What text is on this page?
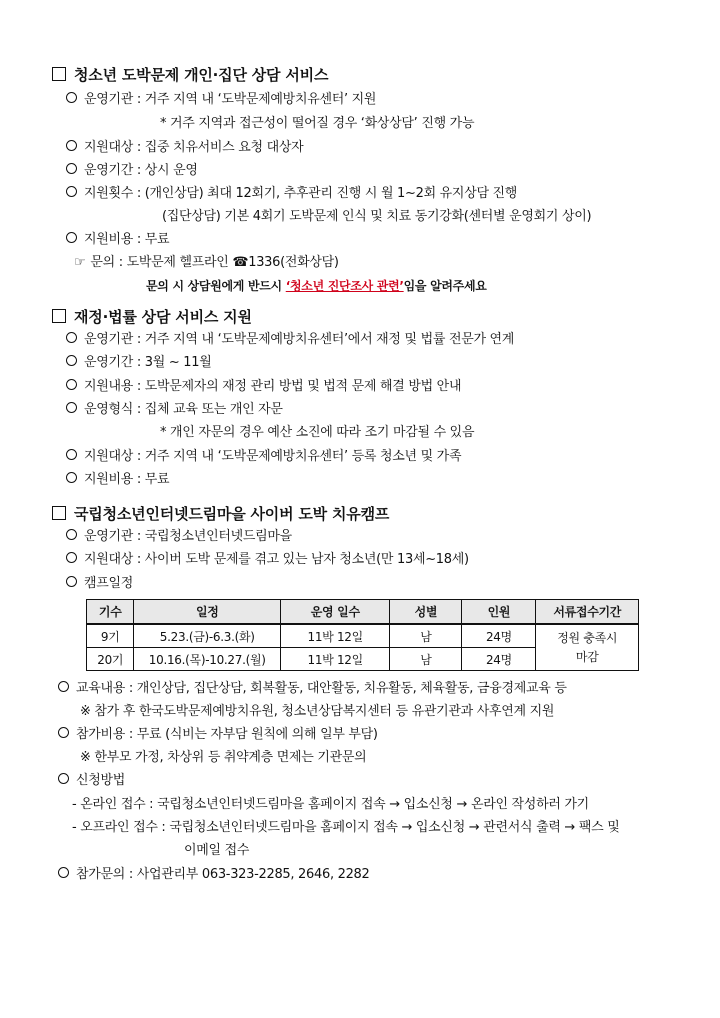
청소년 도박문제 개인·집단 상담 서비스
운영기관 : 거주 지역 내 ‘도박문제예방치유센터’ 지원
* 거주 지역과 접근성이 떨어질 경우 ‘화상상담’ 진행 가능
지원대상 : 집중 치유서비스 요청 대상자
운영기간 : 상시 운영
지원횟수 : (개인상담) 최대 12회기, 추후관리 진행 시 월 1~2회 유지상담 진행
(집단상담) 기본 4회기 도박문제 인식 및 치료 동기강화(센터별 운영회기 상이)
지원비용 : 무료
☞ 문의 : 도박문제 헬프라인 ☎1336(전화상담)
문의 시 상담원에게 반드시 ‘청소년 진단조사 관련’임을 알려주세요
재정·법률 상담 서비스 지원
운영기관 : 거주 지역 내 ‘도박문제예방치유센터’에서 재정 및 법률 전문가 연계
운영기간 : 3월 ~ 11월
지원내용 : 도박문제자의 재정 관리 방법 및 법적 문제 해결 방법 안내
운영형식 : 집체 교육 또는 개인 자문
* 개인 자문의 경우 예산 소진에 따라 조기 마감될 수 있음
지원대상 : 거주 지역 내 ‘도박문제예방치유센터’ 등록 청소년 및 가족
지원비용 : 무료
국립청소년인터넷드림마을 사이버 도박 치유캠프
운영기관 : 국립청소년인터넷드림마을
지원대상 : 사이버 도박 문제를 겪고 있는 남자 청소년(만 13세~18세)
캠프일정
기수	일정	운영 일수	성별	인원	서류접수기간
9기	5.23.(금)-6.3.(화)	11박 12일	남	24명	정원 충족시
마감
20기	10.16.(목)-10.27.(월)	11박 12일	남	24명	
교육내용 : 개인상담, 집단상담, 회복활동, 대안활동, 치유활동, 체육활동, 금융경제교육 등
※ 참가 후 한국도박문제예방치유원, 청소년상담복지센터 등 유관기관과 사후연계 지원
참가비용 : 무료 (식비는 자부담 원칙에 의해 일부 부담)
※ 한부모 가정, 차상위 등 취약계층 면제는 기관문의
신청방법
- 온라인 접수 : 국립청소년인터넷드림마을 홈페이지 접속 → 입소신청 → 온라인 작성하러 가기
- 오프라인 접수 : 국립청소년인터넷드림마을 홈페이지 접속 → 입소신청 → 관련서식 출력 → 팩스 및
이메일 접수
참가문의 : 사업관리부 063-323-2285, 2646, 2282
